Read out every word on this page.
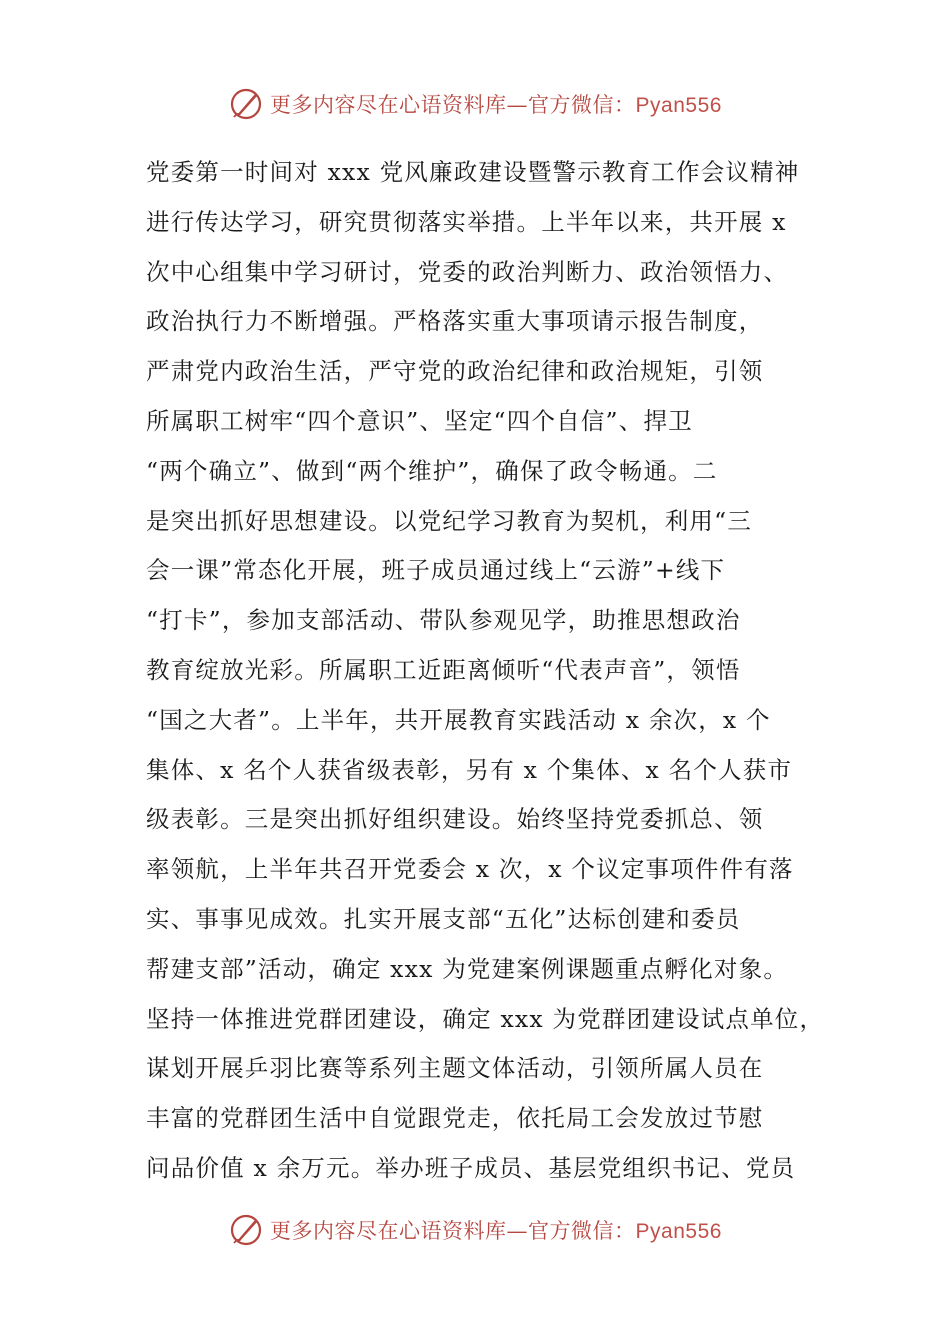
更多内容尽在心语资料库—官方微信：Pyan556
党委第一时间对 xxx 党风廉政建设暨警示教育工作会议精神
进行传达学习，研究贯彻落实举措。上半年以来，共开展 x
次中心组集中学习研讨，党委的政治判断力、政治领悟力、
政治执行力不断增强。严格落实重大事项请示报告制度，
严肃党内政治生活，严守党的政治纪律和政治规矩，引领
所属职工树牢“四个意识”、坚定“四个自信”、捍卫
“两个确立”、做到“两个维护”，确保了政令畅通。二
是突出抓好思想建设。以党纪学习教育为契机，利用“三
会一课”常态化开展，班子成员通过线上“云游”+线下
“打卡”，参加支部活动、带队参观见学，助推思想政治
教育绽放光彩。所属职工近距离倾听“代表声音”，领悟
“国之大者”。上半年，共开展教育实践活动 x 余次，x 个
集体、x 名个人获省级表彰，另有 x 个集体、x 名个人获市
级表彰。三是突出抓好组织建设。始终坚持党委抓总、领
率领航，上半年共召开党委会 x 次，x 个议定事项件件有落
实、事事见成效。扎实开展支部“五化”达标创建和委员
帮建支部”活动，确定 xxx 为党建案例课题重点孵化对象。
坚持一体推进党群团建设，确定 xxx 为党群团建设试点单位，
谋划开展乒羽比赛等系列主题文体活动，引领所属人员在
丰富的党群团生活中自觉跟党走，依托局工会发放过节慰
问品价值 x 余万元。举办班子成员、基层党组织书记、党员
更多内容尽在心语资料库—官方微信：Pyan556
